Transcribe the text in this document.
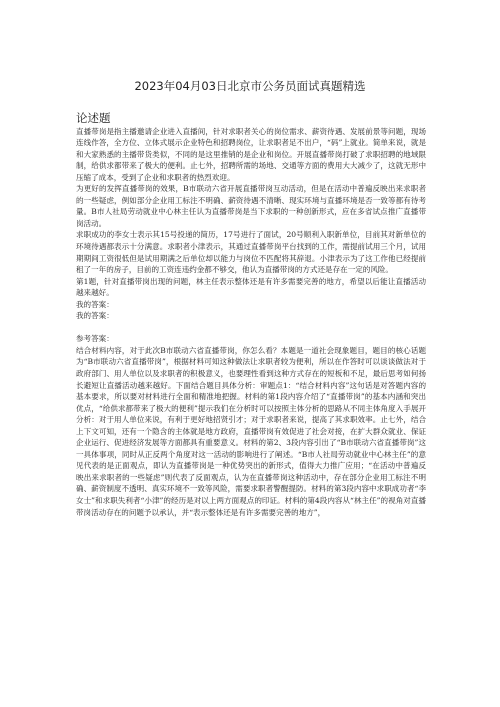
2023年04月03日北京市公务员面试真题精选
论述题

直播带岗是指主播邀请企业进入直播间，针对求职者关心的岗位需求、薪资待遇、发展前景等问题，现场连线作答，全方位、立体式展示企业特色和招聘岗位，让求职者足不出户，“码”上就业。简单来说，就是和大家熟悉的主播带货类似，不同的是这里推销的是企业和岗位。开展直播带岗打破了求职招聘的地域限制，给供求都带来了极大的便利。止七外，招聘所需的场地、交通等方面的费用大大减少了，这就无形中压缩了成本，受到了企业和求职者的热烈欢迎。

为更好的发挥直播带岗的效果，B市联动六省开展直播带岗互动活动，但是在活动中普遍反映出来求职者的一些疑虑，例如部分企业用工标注不明确、薪资待遇不清晰、现实环境与直播环境是否一致等都有待考量。B市人社局劳动就业中心林主任认为直播带岗是当下求职的一种创新形式，应在多省试点推广直播带岗活动。

求职成功的李女士表示其15号投递的简历，17号进行了面试，20号顺利入职新单位，目前其对新单位的环境待遇都表示十分满意。求职者小津表示，其通过直播带岗平台找到的工作，需提前试用三个月，试用期期间工资很低但是试用期满之后单位却以能力与岗位不匹配将其辞退。小津表示为了这工作他已经提前租了一年的房子，目前的工资连违约金都不够交，他认为直播带岗的方式还是存在一定的风险。

第1题，针对直播带岗出现的问题，林主任表示整体还是有许多需要完善的地方，希望以后能让直播活动越来越好。

我的答案：

我的答案：

参考答案：

结合材料内容，对于此次B市联动六省直播带岗，你怎么看？本题是一道社会现象题目，题目的核心话题为“B市联动六省直播带岗”，根据材料可知这种做法让求职者较为便利，所以在作答时可以谈谈做法对于政府部门、用人单位以及求职者的积极意义，也要理性看到这种方式存在的短板和不足，最后思考如何扬长避短让直播活动越来越好。下面结合题目具体分析：审题点1：“结合材料内容”这句话是对答题内容的基本要求，所以要对材料进行全面和精准地把握。材料的第1段内容介绍了“直播带岗”的基本内涵和突出优点，“给供求都带来了极大的便利”提示我们在分析时可以按照主体分析的思路从不同主体角度入手展开分析：对于用人单位来说，有利于更好地招贤引才；对于求职者来说，提高了其求职效率。止七外，结合上下文可知，还有一个隐含的主体就是地方政府，直播带岗有效促进了社会对接，在扩大群众就业、保证企业运行、促进经济发展等方面都具有重要意义。材料的第2、3段内容引出了“B市联动六省直播带岗”这一具体事项，同时从正反两个角度对这一活动的影响进行了阐述。“B市人社局劳动就业中心林主任”的意见代表的是正面观点，即认为直播带岗是一种优势突出的新形式，值得大力推广应用；“在活动中普遍反映出来求职者的一些疑虑”则代表了反面观点，认为在直播带岗这种活动中，存在部分企业用工标注不明确、薪资制度不透明、真实环境不一致等风险，需要求职者警醒提防。材料的第3段内容中求职成功者“李女士”和求职失利者“小津”的经历是对以上两方面观点的印证。材料的第4段内容从“林主任”的视角对直播带岗活动存在的问题予以承认，并“表示整体还是有许多需要完善的地方”，
